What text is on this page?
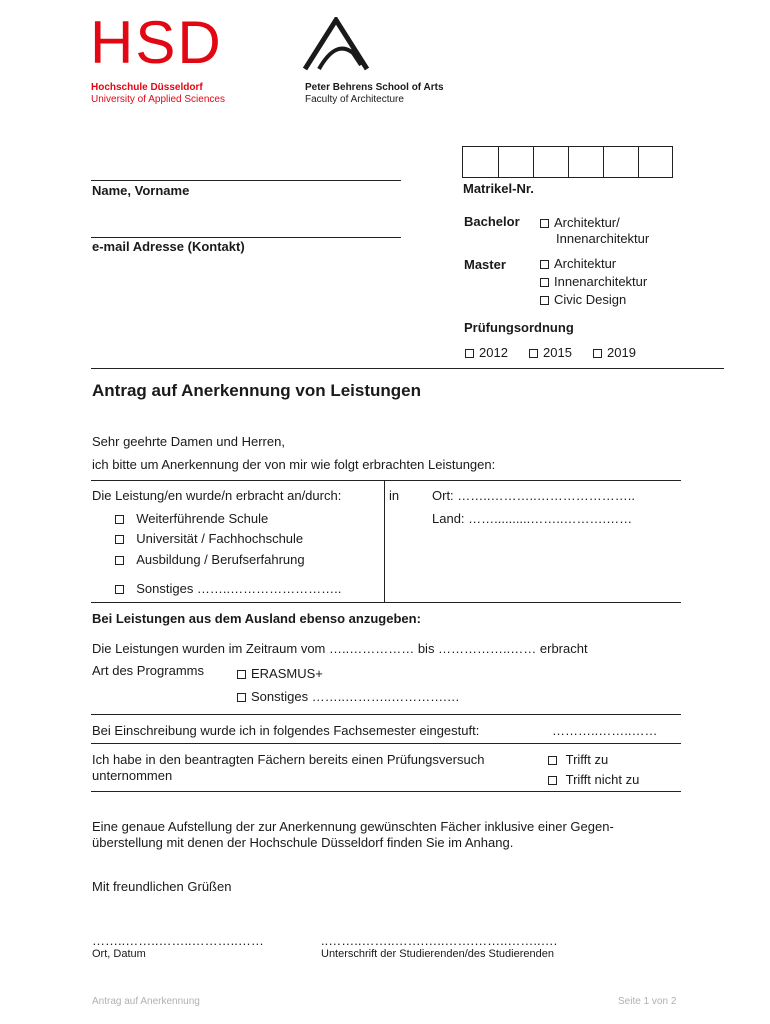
HSD
Hochschule Düsseldorf
University of Applied Sciences
Peter Behrens School of Arts
Faculty of Architecture
Matrikel-Nr.
Name, Vorname
e-mail Adresse (Kontakt)
Bachelor	Architektur/
Innenarchitektur
Master	Architektur
Innenarchitektur
Civic Design
Prüfungsordnung
2012	2015	2019
Antrag auf Anerkennung von Leistungen
Sehr geehrte Damen und Herren,
ich bitte um Anerkennung der von mir wie folgt erbrachten Leistungen:
Die Leistung/en wurde/n erbracht an/durch:
Weiterführende Schule
Universität / Fachhochschule
Ausbildung / Berufserfahrung
Sonstiges ……..……………………..
in	Ort: ……..………..…………………..
Land: ……..........……..……….……
Bei Leistungen aus dem Ausland ebenso anzugeben:
Die Leistungen wurden im Zeitraum vom …..…………… bis ……………..…… erbracht
Art des Programms	ERASMUS+
Sonstiges ……..………..………….…
Bei Einschreibung wurde ich in folgendes Fachsemester eingestuft:	………..……..……
Ich habe in den beantragten Fächern bereits einen Prüfungsversuch
unternommen
Trifft zu
Trifft nicht zu
Eine genaue Aufstellung der zur Anerkennung gewünschten Fächer inklusive einer Gegen-
überstellung mit denen der Hochschule Düsseldorf finden Sie im Anhang.
Mit freundlichen Grüßen
……..……..……..………..……	..……..……..…….…..…….……..……..….
Ort, Datum	Unterschrift der Studierenden/des Studierenden
Antrag auf Anerkennung	Seite 1 von 2
